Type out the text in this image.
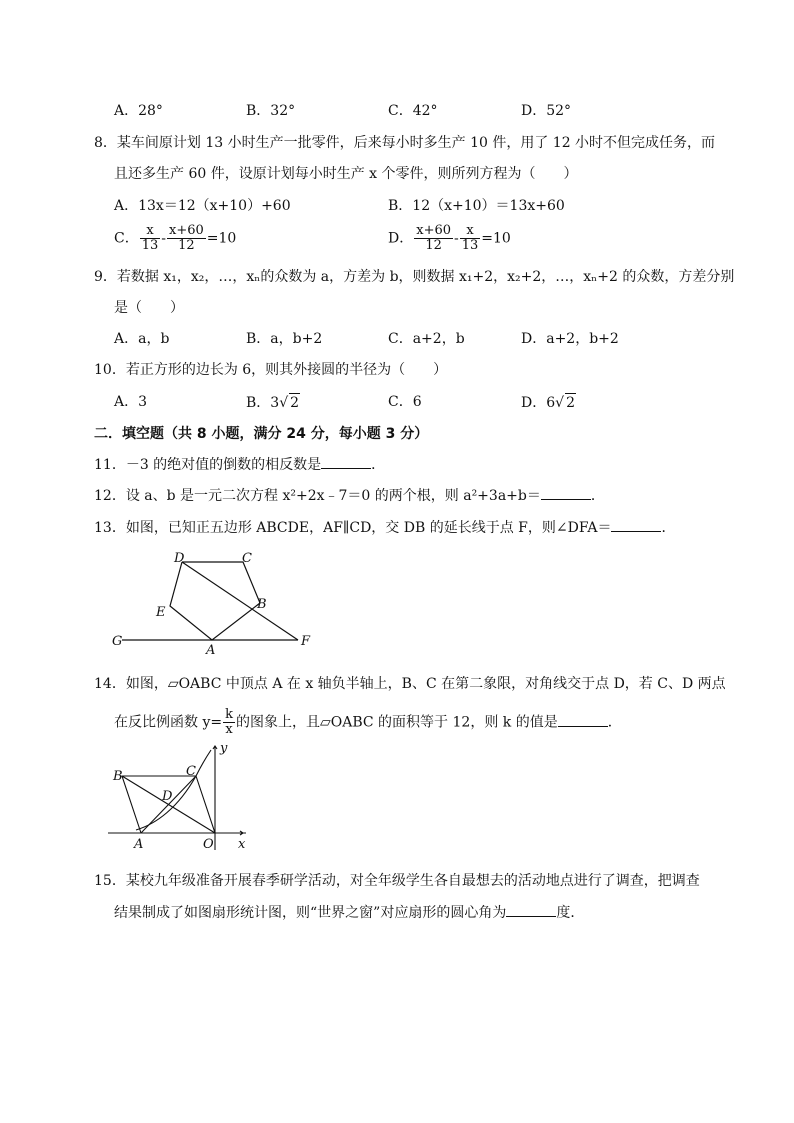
A．28°	B．32°	C．42°	D．52°
8．某车间原计划 13 小时生产一批零件，后来每小时多生产 10 件，用了 12 小时不但完成任务，而
且还多生产 60 件，设原计划每小时生产 x 个零件，则所列方程为（　　）
A．13x＝12（x+10）+60	B．12（x+10）＝13x+60
C． $\frac{x}{13} - \frac{x+60}{12} =10$	D． $\frac{x+60}{12} - \frac{x}{13} =10$
9．若数据 x₁，x₂，…，xₙ的众数为 a，方差为 b，则数据 x₁+2，x₂+2，…，xₙ+2 的众数，方差分别
是（　　）
A．a，b	B．a，b+2	C．a+2，b	D．a+2，b+2
10．若正方形的边长为 6，则其外接圆的半径为（　　）
A．3	B．3√ 2	C．6	D．6√ 2
二．填空题（共 8 小题，满分 24 分，每小题 3 分）
11．－3 的绝对值的倒数的相反数是	．
12．设 a、b 是一元二次方程 x²+2x﹣7＝0 的两个根，则 a²+3a+b＝	．
13．如图，已知正五边形 ABCDE，AF∥CD，交 DB 的延长线于点 F，则∠DFA＝	．
D	C
E
B
G
A
F
14．如图，▱OABC 中顶点 A 在 x 轴负半轴上，B、C 在第二象限，对角线交于点 D，若 C、D 两点
在反比例函数 $y= \frac{k}{x}$ 的图象上，且▱OABC 的面积等于 12，则 k 的值是	．
B	C
D
A	O x
y
15．某校九年级准备开展春季研学活动，对全年级学生各自最想去的活动地点进行了调查，把调查
结果制成了如图扇形统计图，则“世界之窗”对应扇形的圆心角为	度．
